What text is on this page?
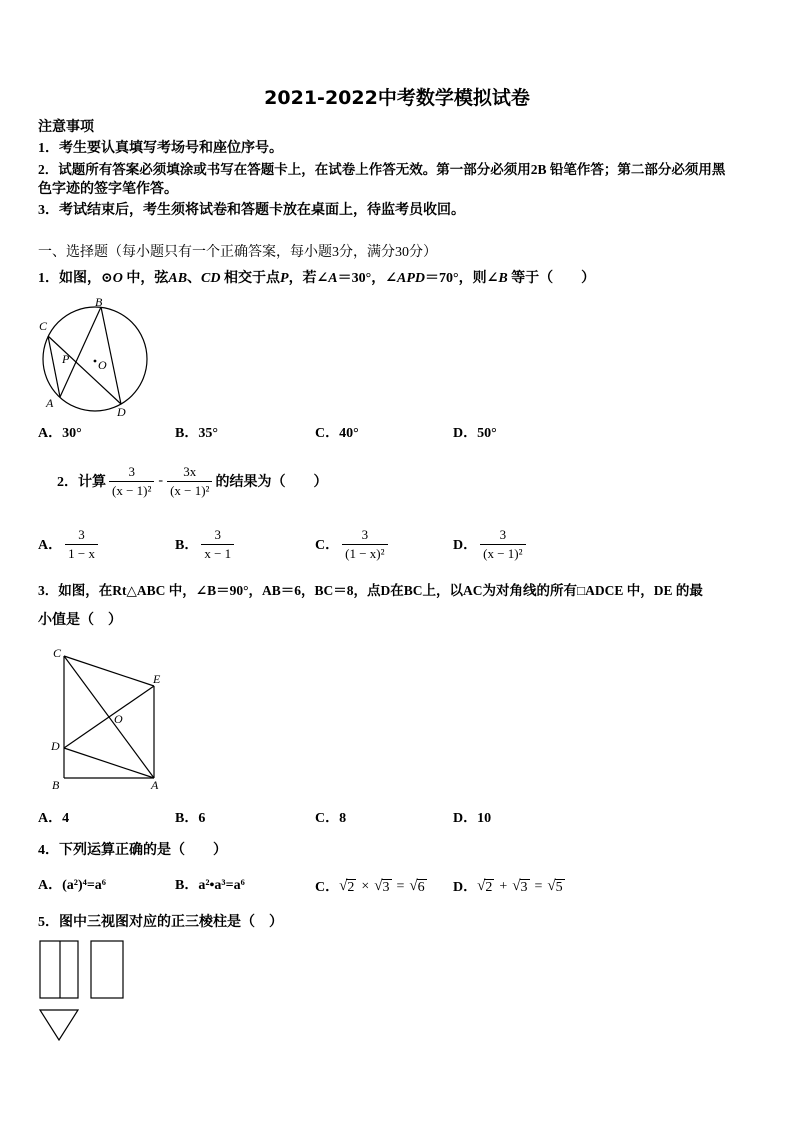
2021-2022中考数学模拟试卷
注意事项
1．考生要认真填写考场号和座位序号。
2．试题所有答案必须填涂或书写在答题卡上，在试卷上作答无效。第一部分必须用2B 铅笔作答；第二部分必须用黑
色字迹的签字笔作答。
3．考试结束后，考生须将试卷和答题卡放在桌面上，待监考员收回。
一、选择题（每小题只有一个正确答案，每小题3分，满分30分）
1．如图，⊙O 中，弦AB、CD 相交于点P，若∠A＝30°，∠APD＝70°，则∠B 等于（　　）
B
C
P O
A
D
A．30°	B．35°	C．40°	D．50°
2．计算 $\frac{3}{\text{(x − 1)²}} - \frac{3x}{\text{(x − 1)²}}$ 的结果为（　　）
A． $\frac{3}{1 - x}$	B． $\frac{3}{x - 1}$	C． $\frac{3}{\text{(1 − x)²}}$	D． $\frac{3}{\text{(x − 1)²}}$
3．如图，在Rt△ABC 中，∠B＝90°，AB＝6，BC＝8，点D在BC上，以AC为对角线的所有□ADCE 中，DE 的最
小值是（　）
C
E
O
D
B	A
A．4	B．6	C．8	D．10
4．下列运算正确的是（　　）
A．(a²)⁴=a⁶	B．a²•a³=a⁶	C． √ 2 × √ 3 = √ 6 D． √ 2 + √ 3 = √ 5
5．图中三视图对应的正三棱柱是（　）
